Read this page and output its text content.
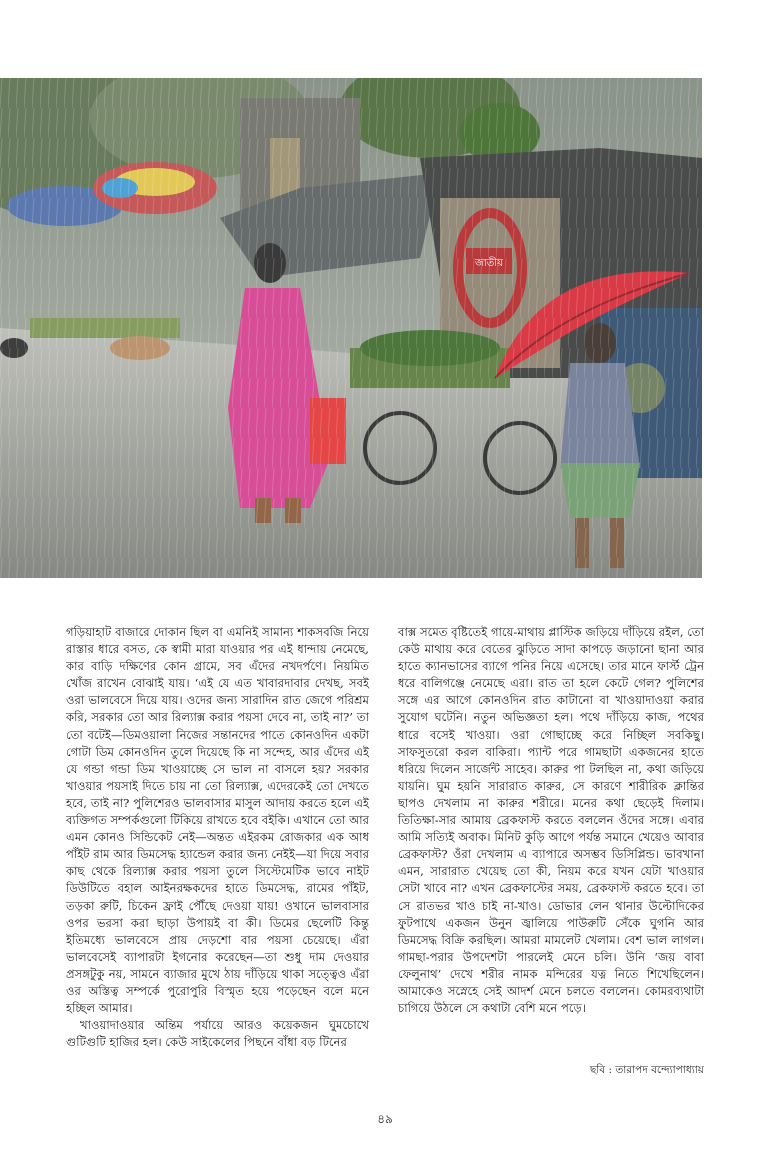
গড়িয়াহাট বাজারে দোকান ছিল বা এমনিই সামান্য শাকসবজি নিয়ে রাস্তার ধারে বসত, কে স্বামী মারা যাওয়ার পর এই ধান্দায় নেমেছে, কার বাড়ি দক্ষিণের কোন গ্রামে, সব এঁদের নখদর্পণে। নিয়মিত খোঁজ রাখেন বোঝাই যায়। ‘এই যে এত খাবারদাবার দেখছ, সবই ওরা ভালবেসে দিয়ে যায়। ওদের জন্য সারাদিন রাত জেগে পরিশ্রম করি, সরকার তো আর রিল্যাক্স করার পয়সা দেবে না, তাই না?’ তা তো বটেই—ডিমওয়ালা নিজের সন্তানদের পাতে কোনওদিন একটা গোটা ডিম কোনওদিন তুলে দিয়েছে কি না সন্দেহ, আর এঁদের এই যে গন্ডা গন্ডা ডিম খাওয়াচ্ছে সে ভাল না বাসলে হয়? সরকার খাওয়ার পয়সাই দিতে চায় না তো রিল্যাক্স, এদেরকেই তো দেখতে হবে, তাই না? পুলিশেরও ভালবাসার মাসুল আদায় করতে হলে এই ব্যক্তিগত সম্পর্কগুলো টিকিয়ে রাখতে হবে বইকি। এখানে তো আর এমন কোনও সিন্ডিকেট নেই—অন্তত এইরকম রোজকার এক আধ পাঁইট রাম আর ডিমসেদ্ধ হ্যান্ডেল করার জন্য নেইই—যা দিয়ে সবার কাছ থেকে রিল্যাক্স করার পয়সা তুলে সিস্টেমেটিক ভাবে নাইট ডিউটিতে বহাল আইনরক্ষকদের হাতে ডিমসেদ্ধ, রামের পাঁইট, তড়কা রুটি, চিকেন ফ্রাই পৌঁছে দেওয়া যায়! ওখানে ভালবাসার ওপর ভরসা করা ছাড়া উপায়ই বা কী। ডিমের ছেলেটি কিন্তু ইতিমধ্যে ভালবেসে প্রায় দেড়শো বার পয়সা চেয়েছে। এঁরা ভালবেসেই ব্যাপারটা ইগনোর করেছেন—তা শুধু দাম দেওয়ার প্রসঙ্গটুকু নয়, সামনে ব্যাজার মুখে ঠায় দাঁড়িয়ে থাকা সত্ত্বেও এঁরা ওর অস্তিত্ব সম্পর্কে পুরোপুরি বিস্মৃত হয়ে পড়েছেন বলে মনে হচ্ছিল আমার।

খাওয়াদাওয়ার অন্তিম পর্যায়ে আরও কয়েকজন ঘুমচোখে গুটিগুটি হাজির হল। কেউ সাইকেলের পিছনে বাঁধা বড় টিনের

বাক্স সমেত বৃষ্টিতেই গায়ে-মাথায় প্লাস্টিক জড়িয়ে দাঁড়িয়ে রইল, তো কেউ মাথায় করে বেতের ঝুড়িতে সাদা কাপড়ে জড়ানো ছানা আর হাতে ক্যানভাসের ব্যাগে পনির নিয়ে এসেছে। তার মানে ফার্স্ট ট্রেন ধরে বালিগঞ্জে নেমেছে এরা। রাত তা হলে কেটে গেল? পুলিশের সঙ্গে এর আগে কোনওদিন রাত কাটানো বা খাওয়াদাওয়া করার সুযোগ ঘটেনি। নতুন অভিজ্ঞতা হল। পথে দাঁড়িয়ে কাজ, পথের ধারে বসেই খাওয়া। ওরা গোছাচ্ছে করে নিচ্ছিল সবকিছু। সাফসুতরো করল বাকিরা। প্যান্ট পরে গামছাটা একজনের হাতে ধরিয়ে দিলেন সার্জেন্ট সাহেব। কারুর পা টলছিল না, কথা জড়িয়ে যায়নি। ঘুম হয়নি সারারাত কারুর, সে কারণে শারীরিক ক্লান্তির ছাপও দেখলাম না কারুর শরীরে। মনের কথা ছেড়েই দিলাম। তিতিক্ষা-সার আমায় ব্রেকফাস্ট করতে বললেন ওঁদের সঙ্গে। এবার আমি সত্যিই অবাক। মিনিট কুড়ি আগে পর্যন্ত সমানে খেয়েও আবার ব্রেকফাস্ট? ওঁরা দেখলাম এ ব্যাপারে অসম্ভব ডিসিপ্লিন্ড। ভাবখানা এমন, সারারাত খেয়েছ তো কী, নিয়ম করে যখন যেটা খাওয়ার সেটা খাবে না? এখন ব্রেকফাস্টের সময়, ব্রেকফাস্ট করতে হবে। তা সে রাতভর খাও চাই না-খাও। ডোভার লেন থানার উল্টোদিকের ফুটপাথে একজন উনুন জ্বালিয়ে পাউরুটি সেঁকে ঘুগনি আর ডিমসেদ্ধ বিক্রি করছিল। আমরা মামলেট খেলাম। বেশ ভাল লাগল। গামছা-পরার উপদেশটা পারলেই মেনে চলি। উনি ‘জয় বাবা ফেলুনাথ’ দেখে শরীর নামক মন্দিরের যত্ন নিতে শিখেছিলেন। আমাকেও সস্নেহে সেই আদর্শ মেনে চলতে বললেন। কোমরব্যথাটা চাগিয়ে উঠলে সে কথাটা বেশি মনে পড়ে।

ছবি : তারাপদ বন্দ্যোপাধ্যায়
৪৯
